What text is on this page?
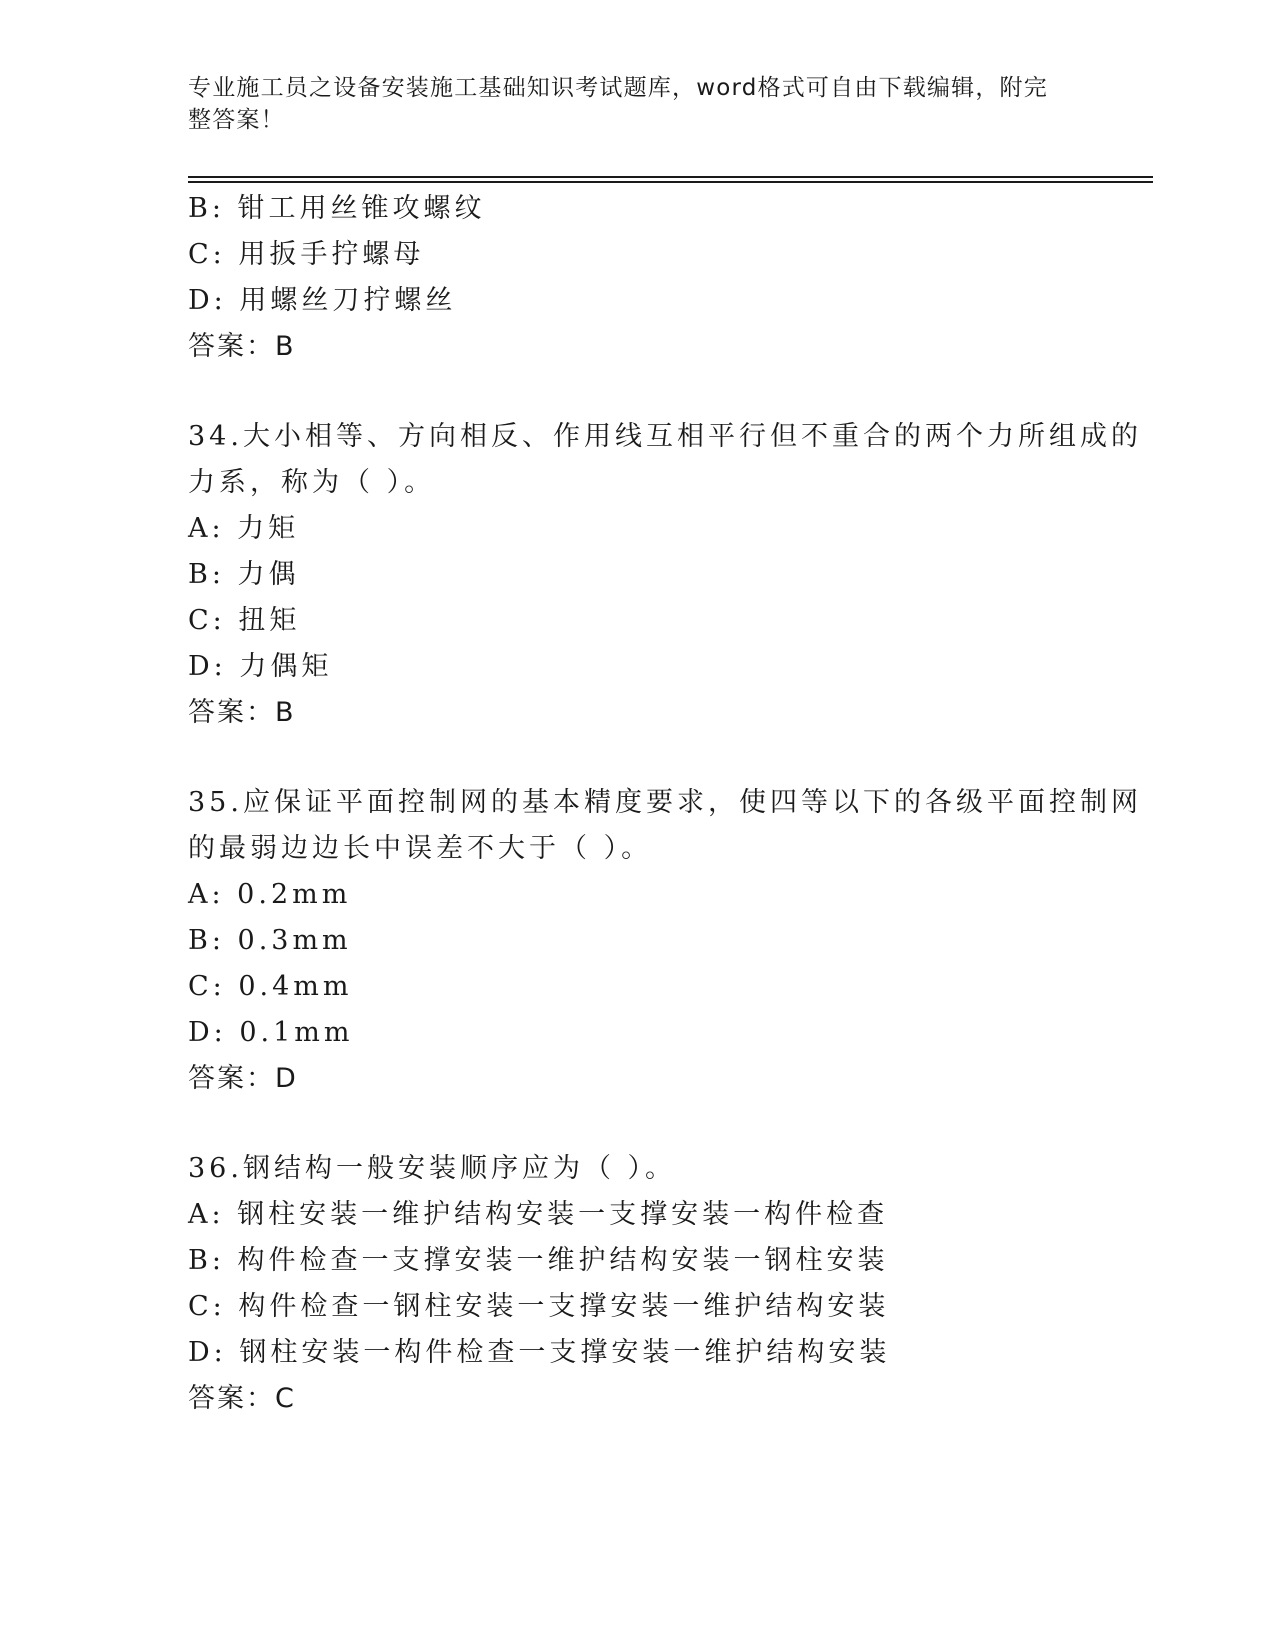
专业施工员之设备安装施工基础知识考试题库，word格式可自由下载编辑，附完整答案！
B: 钳工用丝锥攻螺纹
C: 用扳手拧螺母
D: 用螺丝刀拧螺丝
答案：B
34.大小相等、方向相反、作用线互相平行但不重合的两个力所组成的
力系，称为（ ）。
A: 力矩
B: 力偶
C: 扭矩
D: 力偶矩
答案：B
35.应保证平面控制网的基本精度要求，使四等以下的各级平面控制网
的最弱边边长中误差不大于（ ）。
A: 0.2mm
B: 0.3mm
C: 0.4mm
D: 0.1mm
答案：D
36.钢结构一般安装顺序应为（ ）。
A: 钢柱安装一维护结构安装一支撑安装一构件检查
B: 构件检查一支撑安装一维护结构安装一钢柱安装
C: 构件检查一钢柱安装一支撑安装一维护结构安装
D: 钢柱安装一构件检查一支撑安装一维护结构安装
答案：C
